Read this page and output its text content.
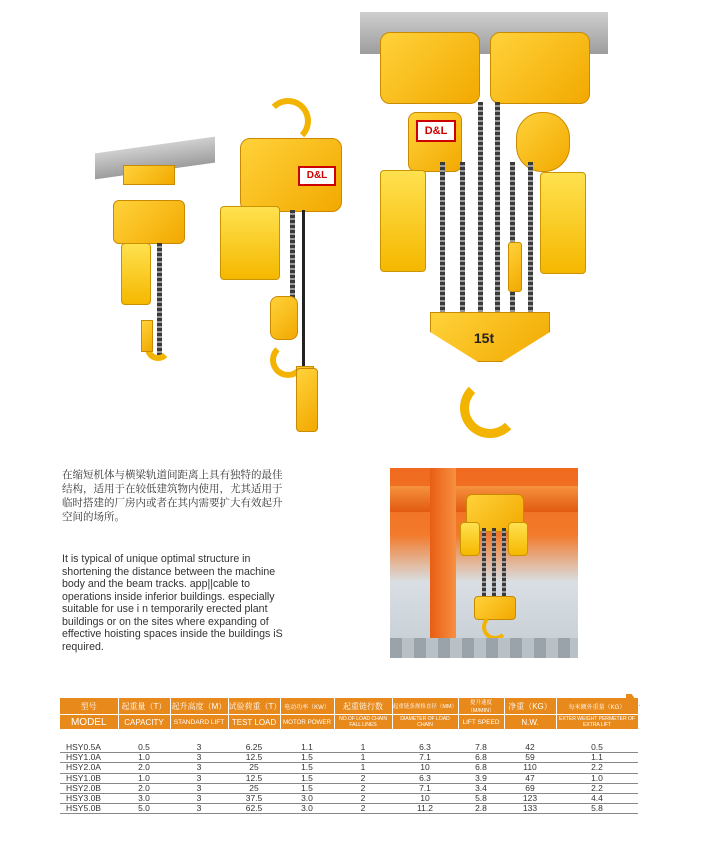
D&L
D&L
15t
在缩短机体与横梁轨道间距离上具有独特的最佳结构，适用于在较低建筑物内使用，尤其适用于临时搭建的厂房内或者在其内需要扩大有效起升空间的场所。
It is typical of unique optimal structure in shortening the distance between the machine body and the beam tracks. app||cable to operations inside inferior buildings. especially suitable for use i n temporarily erected plant buildings or on the sites where expanding of effective hoisting spaces inside the buildings iS required.
型号	起重量（T）	起升高度（M）	试验荷重（T）	电动功率（KW）	起重链行数	起重链条规格直径（MM）	提升速度（M/MIN）	净重（KG）	每米额外重量（KG）
MODEL	CAPACITY	STANDARD LIFT	TEST LOAD	MOTOR POWER	NO.OF LOAD CHAIN FALL LINES	DIAMETER OF LOAD CHAIN	LIFT SPEED	N.W.	EXTER WEIGHT PERMETER OF EXTRA LIFT

HSY0.5A	0.5	3	6.25	1.1	1	6.3	7.8	42	0.5
HSY1.0A	1.0	3	12.5	1.5	1	7.1	6.8	59	1.1
HSY2.0A	2.0	3	25	1.5	1	10	6.8	110	2.2
HSY1.0B	1.0	3	12.5	1.5	2	6.3	3.9	47	1.0
HSY2.0B	2.0	3	25	1.5	2	7.1	3.4	69	2.2
HSY3.0B	3.0	3	37.5	3.0	2	10	5.8	123	4.4
HSY5.0B	5.0	3	62.5	3.0	2	11.2	2.8	133	5.8
